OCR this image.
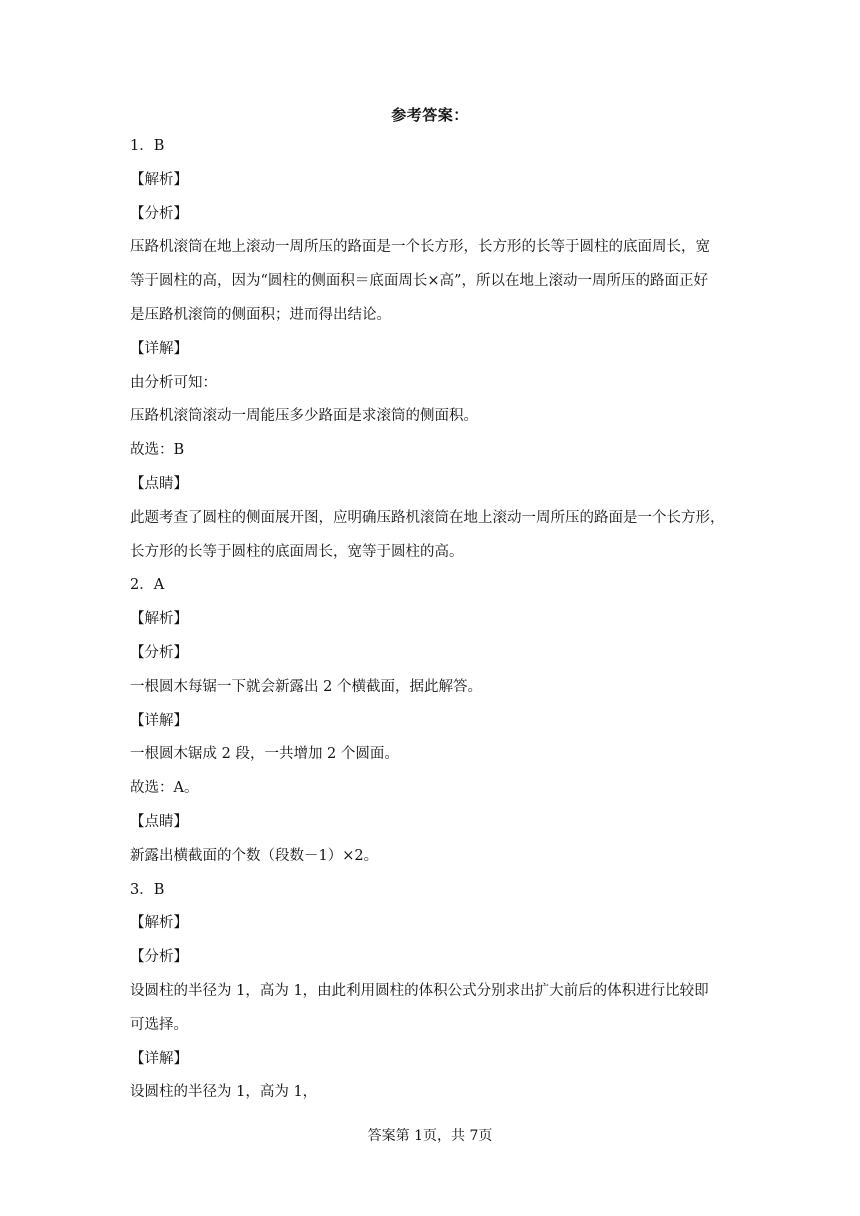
参考答案：
1．B
【解析】
【分析】
压路机滚筒在地上滚动一周所压的路面是一个长方形，长方形的长等于圆柱的底面周长，宽
等于圆柱的高，因为“圆柱的侧面积＝底面周长×高”，所以在地上滚动一周所压的路面正好
是压路机滚筒的侧面积；进而得出结论。
【详解】
由分析可知：
压路机滚筒滚动一周能压多少路面是求滚筒的侧面积。
故选：B
【点睛】
此题考查了圆柱的侧面展开图，应明确压路机滚筒在地上滚动一周所压的路面是一个长方形，
长方形的长等于圆柱的底面周长，宽等于圆柱的高。
2．A
【解析】
【分析】
一根圆木每锯一下就会新露出 2 个横截面，据此解答。
【详解】
一根圆木锯成 2 段，一共增加 2 个圆面。
故选：A。
【点睛】
新露出横截面的个数（段数－1）×2。
3．B
【解析】
【分析】
设圆柱的半径为 1，高为 1，由此利用圆柱的体积公式分别求出扩大前后的体积进行比较即
可选择。
【详解】
设圆柱的半径为 1，高为 1，
答案第 1页，共 7页
